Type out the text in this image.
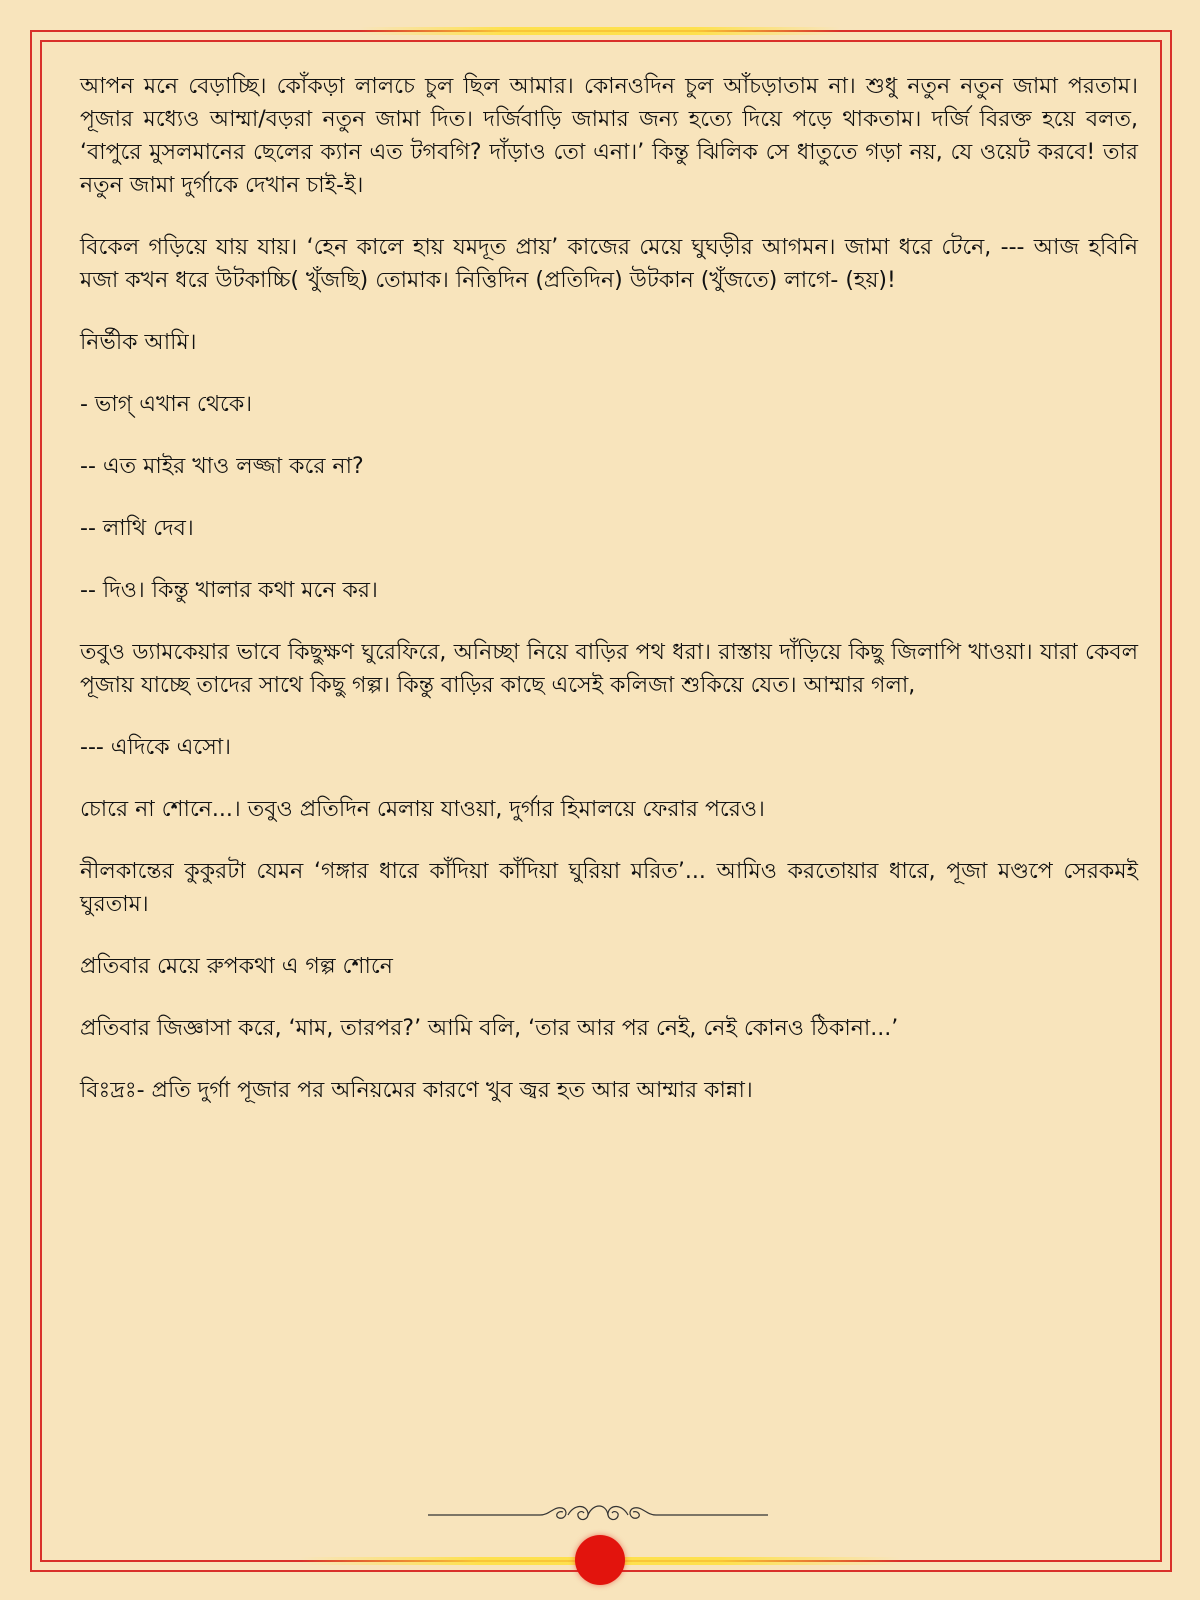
আপন মনে বেড়াচ্ছি। কোঁকড়া লালচে চুল ছিল আমার। কোনওদিন চুল আঁচড়াতাম না। শুধু নতুন নতুন জামা পরতাম। পূজার মধ্যেও আম্মা/বড়রা নতুন জামা দিত। দর্জিবাড়ি জামার জন্য হত্যে দিয়ে পড়ে থাকতাম। দর্জি বিরক্ত হয়ে বলত, ‘বাপুরে মুসলমানের ছেলের ক্যান এত টগবগি? দাঁড়াও তো এনা।’ কিন্তু ঝিলিক সে ধাতুতে গড়া নয়, যে ওয়েট করবে! তার নতুন জামা দুর্গাকে দেখান চাই-ই।

বিকেল গড়িয়ে যায় যায়। ‘হেন কালে হায় যমদূত প্রায়’ কাজের মেয়ে ঘুঘড়ীর আগমন। জামা ধরে টেনে, --- আজ হবিনি মজা কখন ধরে উটকাচ্চি( খুঁজছি) তোমাক। নিত্তিদিন (প্রতিদিন) উটকান (খুঁজতে) লাগে- (হয়)!

নির্ভীক আমি।

- ভাগ্ এখান থেকে।

-- এত মাইর খাও লজ্জা করে না?

-- লাথি দেব।

-- দিও। কিন্তু খালার কথা মনে কর।

তবুও ড্যামকেয়ার ভাবে কিছুক্ষণ ঘুরেফিরে, অনিচ্ছা নিয়ে বাড়ির পথ ধরা। রাস্তায় দাঁড়িয়ে কিছু জিলাপি খাওয়া। যারা কেবল পূজায় যাচ্ছে তাদের সাথে কিছু গল্প। কিন্তু বাড়ির কাছে এসেই কলিজা শুকিয়ে যেত। আম্মার গলা,

--- এদিকে এসো।

চোরে না শোনে...। তবুও প্রতিদিন মেলায় যাওয়া, দুর্গার হিমালয়ে ফেরার পরেও।

নীলকান্তের কুকুরটা যেমন ‘গঙ্গার ধারে কাঁদিয়া কাঁদিয়া ঘুরিয়া মরিত’... আমিও করতোয়ার ধারে, পূজা মণ্ডপে সেরকমই ঘুরতাম।

প্রতিবার মেয়ে রুপকথা এ গল্প শোনে

প্রতিবার জিজ্ঞাসা করে, ‘মাম, তারপর?’ আমি বলি, ‘তার আর পর নেই, নেই কোনও ঠিকানা...’

বিঃদ্রঃ- প্রতি দুর্গা পূজার পর অনিয়মের কারণে খুব জ্বর হত আর আম্মার কান্না।
